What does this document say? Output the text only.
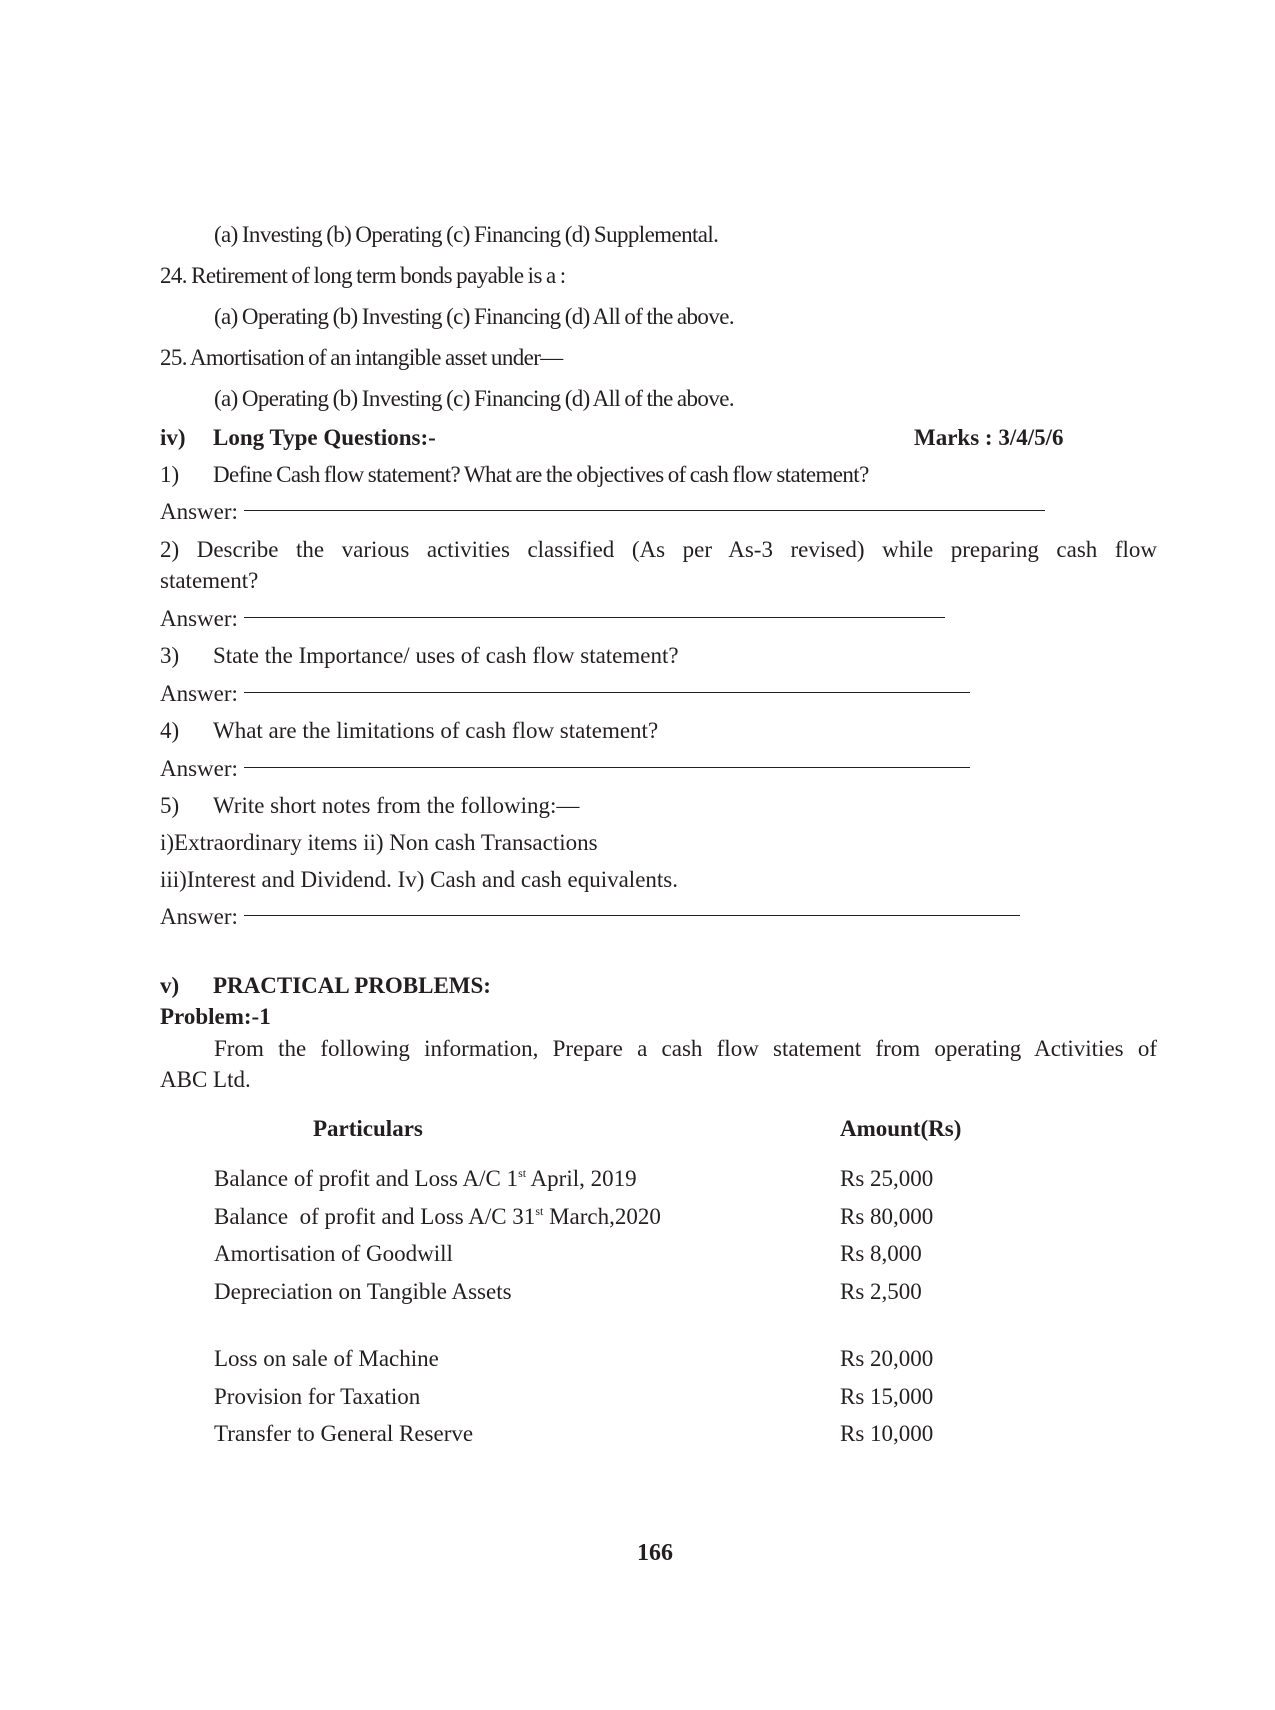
(a) Investing (b) Operating (c) Financing (d) Supplemental.
24. Retirement of long term bonds payable is a :
(a) Operating (b) Investing (c) Financing (d) All of the above.
25. Amortisation of an intangible asset under—
(a) Operating (b) Investing (c) Financing (d) All of the above.
iv) Long Type Questions:-	Marks : 3/4/5/6
1) Define Cash flow statement? What are the objectives of cash flow statement?
Answer:
2) Describe the various activities classified (As per As-3 revised) while preparing cash flow
statement?
Answer:
3) State the Importance/ uses of cash flow statement?
Answer:
4) What are the limitations of cash flow statement?
Answer:
5) Write short notes from the following:—
i)Extraordinary items ii) Non cash Transactions
iii)Interest and Dividend. Iv) Cash and cash equivalents.
Answer:
v) PRACTICAL PROBLEMS:
Problem:-1
From the following information, Prepare a cash flow statement from operating Activities of
ABC Ltd.
Particulars	Amount(Rs)
Balance of profit and Loss A/C 1st April, 2019	Rs 25,000
Balance  of profit and Loss A/C 31st March,2020	Rs 80,000
Amortisation of Goodwill	Rs 8,000
Depreciation on Tangible Assets	Rs 2,500
Loss on sale of Machine	Rs 20,000
Provision for Taxation	Rs 15,000
Transfer to General Reserve	Rs 10,000
166
